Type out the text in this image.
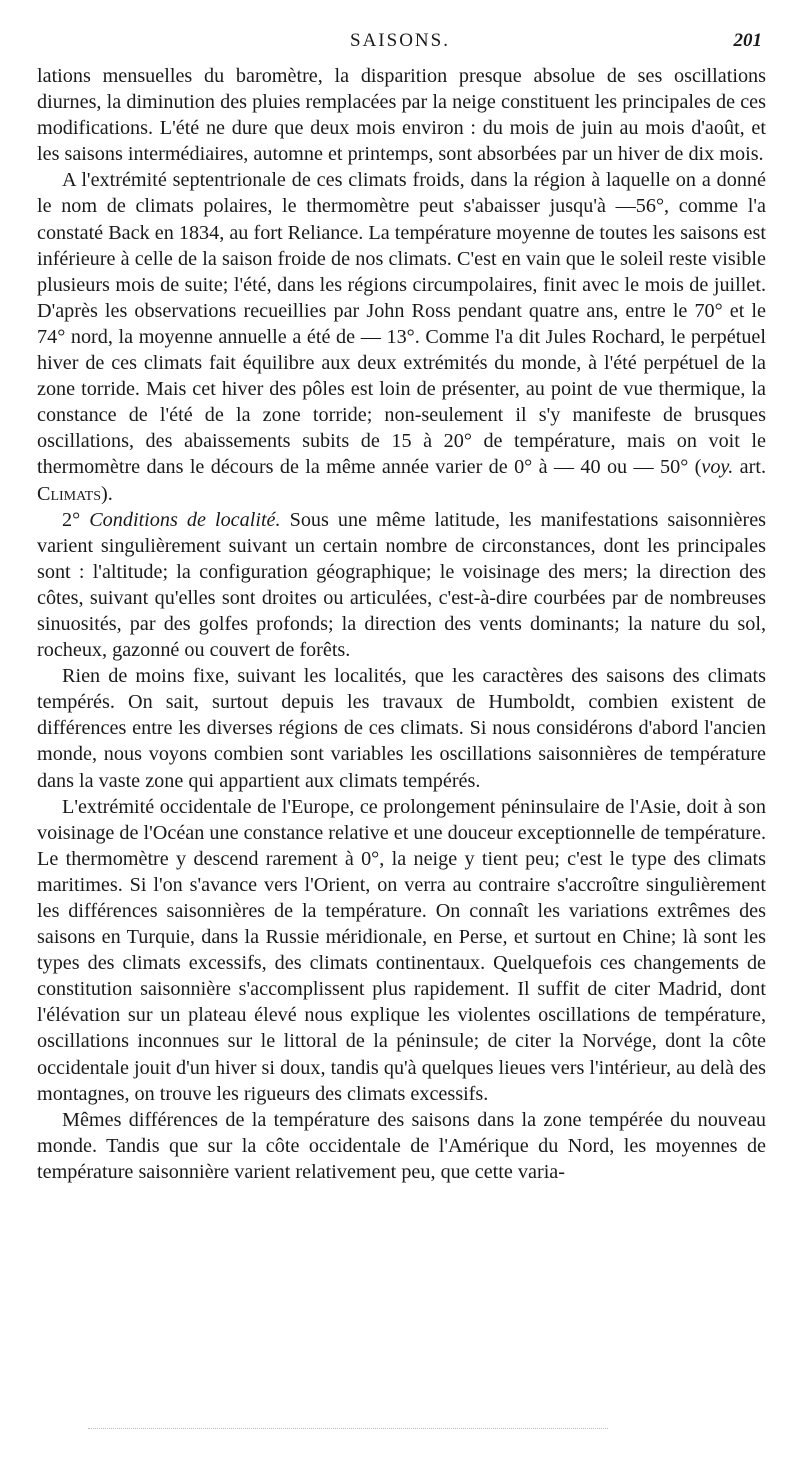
SAISONS.	201

lations mensuelles du baromètre, la disparition presque absolue de ses oscillations diurnes, la diminution des pluies remplacées par la neige constituent les principales de ces modifications. L'été ne dure que deux mois environ : du mois de juin au mois d'août, et les saisons intermédiaires, automne et printemps, sont absorbées par un hiver de dix mois.

A l'extrémité septentrionale de ces climats froids, dans la région à laquelle on a donné le nom de climats polaires, le thermomètre peut s'abaisser jusqu'à —56°, comme l'a constaté Back en 1834, au fort Reliance. La température moyenne de toutes les saisons est inférieure à celle de la saison froide de nos climats. C'est en vain que le soleil reste visible plusieurs mois de suite; l'été, dans les régions circumpolaires, finit avec le mois de juillet. D'après les observations recueillies par John Ross pendant quatre ans, entre le 70° et le 74° nord, la moyenne annuelle a été de — 13°. Comme l'a dit Jules Rochard, le perpétuel hiver de ces climats fait équilibre aux deux extrémités du monde, à l'été perpétuel de la zone torride. Mais cet hiver des pôles est loin de présenter, au point de vue thermique, la constance de l'été de la zone torride; non-seulement il s'y manifeste de brusques oscillations, des abaissements subits de 15 à 20° de température, mais on voit le thermomètre dans le décours de la même année varier de 0° à — 40 ou — 50° (voy. art. Climats).

2° Conditions de localité. Sous une même latitude, les manifestations saisonnières varient singulièrement suivant un certain nombre de circonstances, dont les principales sont : l'altitude; la configuration géographique; le voisinage des mers; la direction des côtes, suivant qu'elles sont droites ou articulées, c'est-à-dire courbées par de nombreuses sinuosités, par des golfes profonds; la direction des vents dominants; la nature du sol, rocheux, gazonné ou couvert de forêts.

Rien de moins fixe, suivant les localités, que les caractères des saisons des climats tempérés. On sait, surtout depuis les travaux de Humboldt, combien existent de différences entre les diverses régions de ces climats. Si nous considérons d'abord l'ancien monde, nous voyons combien sont variables les oscillations saisonnières de température dans la vaste zone qui appartient aux climats tempérés.

L'extrémité occidentale de l'Europe, ce prolongement péninsulaire de l'Asie, doit à son voisinage de l'Océan une constance relative et une douceur exceptionnelle de température. Le thermomètre y descend rarement à 0°, la neige y tient peu; c'est le type des climats maritimes. Si l'on s'avance vers l'Orient, on verra au contraire s'accroître singulièrement les différences saisonnières de la température. On connaît les variations extrêmes des saisons en Turquie, dans la Russie méridionale, en Perse, et surtout en Chine; là sont les types des climats excessifs, des climats continentaux. Quelquefois ces changements de constitution saisonnière s'accomplissent plus rapidement. Il suffit de citer Madrid, dont l'élévation sur un plateau élevé nous explique les violentes oscillations de température, oscillations inconnues sur le littoral de la péninsule; de citer la Norvége, dont la côte occidentale jouit d'un hiver si doux, tandis qu'à quelques lieues vers l'intérieur, au delà des montagnes, on trouve les rigueurs des climats excessifs.

Mêmes différences de la température des saisons dans la zone tempérée du nouveau monde. Tandis que sur la côte occidentale de l'Amérique du Nord, les moyennes de température saisonnière varient relativement peu, que cette varia-
